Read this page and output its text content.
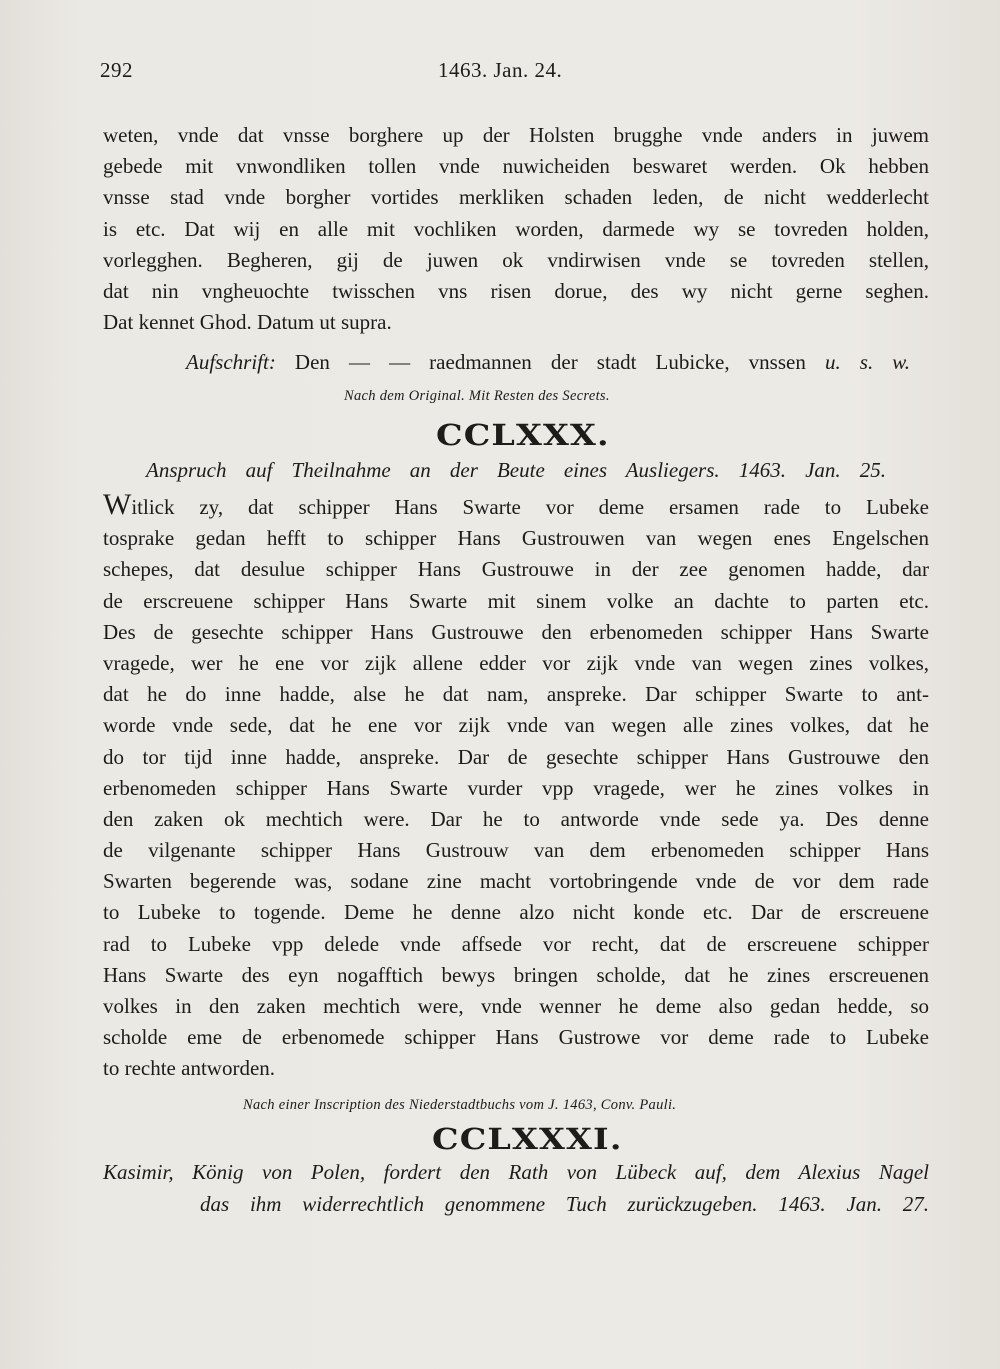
292	1463. Jan. 24.
weten, vnde dat vnsse borghere up der Holsten brugghe vnde anders in juwem
gebede mit vnwondliken tollen vnde nuwicheiden beswaret werden. Ok hebben
vnsse stad vnde borgher vortides merkliken schaden leden, de nicht wedderlecht
is etc. Dat wij en alle mit vochliken worden, darmede wy se tovreden holden,
vorlegghen. Begheren, gij de juwen ok vndirwisen vnde se tovreden stellen,
dat nin vngheuochte twisschen vns risen dorue, des wy nicht gerne seghen.
Dat kennet Ghod. Datum ut supra.
Aufschrift: Den — — raedmannen der stadt Lubicke, vnssen u. s. w.
Nach dem Original. Mit Resten des Secrets.
CCLXXX.
Anspruch auf Theilnahme an der Beute eines Ausliegers. 1463. Jan. 25.
Witlick zy, dat schipper Hans Swarte vor deme ersamen rade to Lubeke
tosprake gedan hefft to schipper Hans Gustrouwen van wegen enes Engelschen
schepes, dat desulue schipper Hans Gustrouwe in der zee genomen hadde, dar
de erscreuene schipper Hans Swarte mit sinem volke an dachte to parten etc.
Des de gesechte schipper Hans Gustrouwe den erbenomeden schipper Hans Swarte
vragede, wer he ene vor zijk allene edder vor zijk vnde van wegen zines volkes,
dat he do inne hadde, alse he dat nam, anspreke. Dar schipper Swarte to ant-
worde vnde sede, dat he ene vor zijk vnde van wegen alle zines volkes, dat he
do tor tijd inne hadde, anspreke. Dar de gesechte schipper Hans Gustrouwe den
erbenomeden schipper Hans Swarte vurder vpp vragede, wer he zines volkes in
den zaken ok mechtich were. Dar he to antworde vnde sede ya. Des denne
de vilgenante schipper Hans Gustrouw van dem erbenomeden schipper Hans
Swarten begerende was, sodane zine macht vortobringende vnde de vor dem rade
to Lubeke to togende. Deme he denne alzo nicht konde etc. Dar de erscreuene
rad to Lubeke vpp delede vnde affsede vor recht, dat de erscreuene schipper
Hans Swarte des eyn nogafftich bewys bringen scholde, dat he zines erscreuenen
volkes in den zaken mechtich were, vnde wenner he deme also gedan hedde, so
scholde eme de erbenomede schipper Hans Gustrowe vor deme rade to Lubeke
to rechte antworden.
Nach einer Inscription des Niederstadtbuchs vom J. 1463, Conv. Pauli.
CCLXXXI.
Kasimir, König von Polen, fordert den Rath von Lübeck auf, dem Alexius Nagel
das ihm widerrechtlich genommene Tuch zurückzugeben. 1463. Jan. 27.
